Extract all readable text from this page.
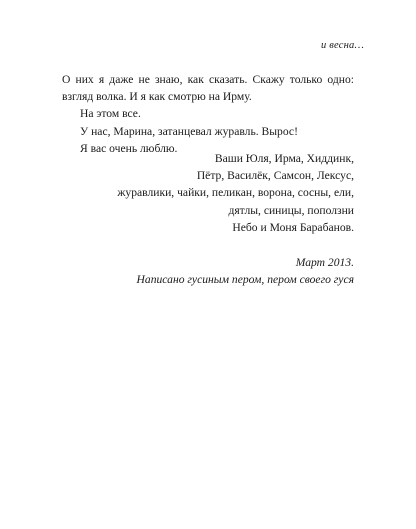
и весна…

О них я даже не знаю, как сказать. Скажу только одно: взгляд волка. И я как смотрю на Ирму.

На этом все.

У нас, Марина, затанцевал журавль. Вырос!

Я вас очень люблю.

Ваши Юля, Ирма, Хиддинк,
Пётр, Василёк, Самсон, Лексус,
журавлики, чайки, пеликан, ворона, сосны, ели,
дятлы, синицы, поползни
Небо и Моня Барабанов.
Март 2013.
Написано гусиным пером, пером своего гуся
